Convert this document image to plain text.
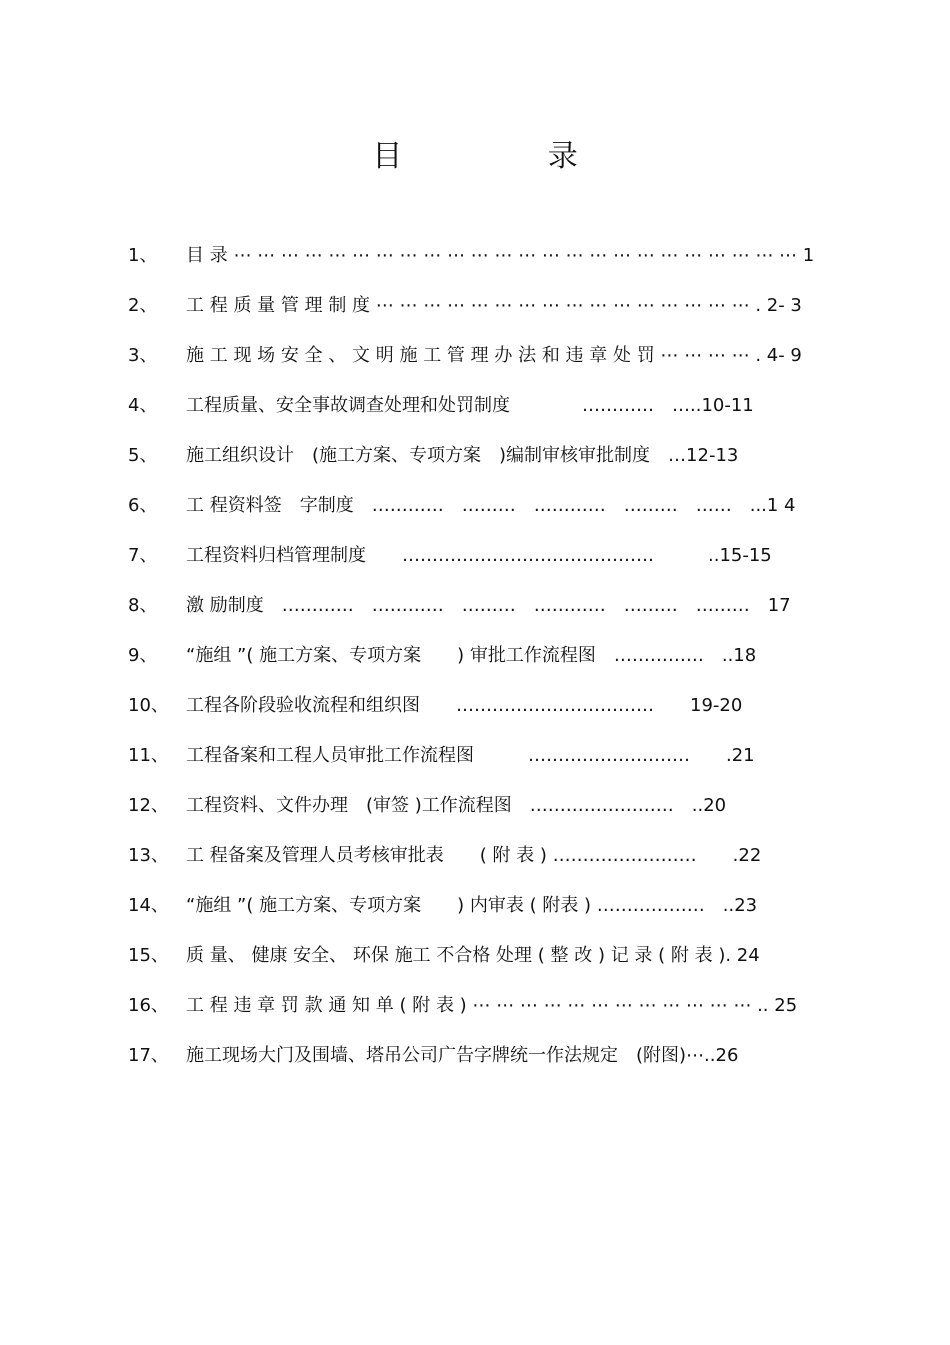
目 录
1、 目 录 ⋯ ⋯ ⋯ ⋯ ⋯ ⋯ ⋯ ⋯ ⋯ ⋯ ⋯ ⋯ ⋯ ⋯ ⋯ ⋯ ⋯ ⋯ ⋯ ⋯ ⋯ ⋯ ⋯ ⋯ 1
2、 工 程 质 量 管 理 制 度 ⋯ ⋯ ⋯ ⋯ ⋯ ⋯ ⋯ ⋯ ⋯ ⋯ ⋯ ⋯ ⋯ ⋯ ⋯ ⋯ . 2- 3
3、 施 工 现 场 安 全 、 文 明 施 工 管 理 办 法 和 违 章 处 罚 ⋯ ⋯ ⋯ ⋯ . 4- 9
4、 工程质量、安全事故调查处理和处罚制度　　　　…………　…..10-11
5、 施工组织设计　(施工方案、专项方案　)编制审核审批制度　…12-13
6、 工 程资料签　字制度　…………　………　…………　………　……　...1 4
7、 工程资料归档管理制度　　……………………………………　　　..15-15
8、 激 励制度　…………　…………　………　…………　………　………　17
9、 “施组 ”( 施工方案、专项方案　　) 审批工作流程图　……………　..18
10、 工程各阶段验收流程和组织图　　……………………………　　19-20
11、 工程备案和工程人员审批工作流程图　　　………………………　　.21
12、 工程资料、文件办理　(审签 )工作流程图　……………………　..20
13、 工 程备案及管理人员考核审批表　　( 附 表 ) ……………………　　.22
14、 “施组 ”( 施工方案、专项方案　　) 内审表 ( 附表 ) ………………　..23
15、 质 量、 健康 安全、 环保 施工 不合格 处理 ( 整 改 ) 记 录 ( 附 表 ). 24
16、 工 程 违 章 罚 款 通 知 单 ( 附 表 ) ⋯ ⋯ ⋯ ⋯ ⋯ ⋯ ⋯ ⋯ ⋯ ⋯ ⋯ ⋯ .. 25
17、 施工现场大门及围墙、塔吊公司广告字牌统一作法规定　(附图)⋯..26
